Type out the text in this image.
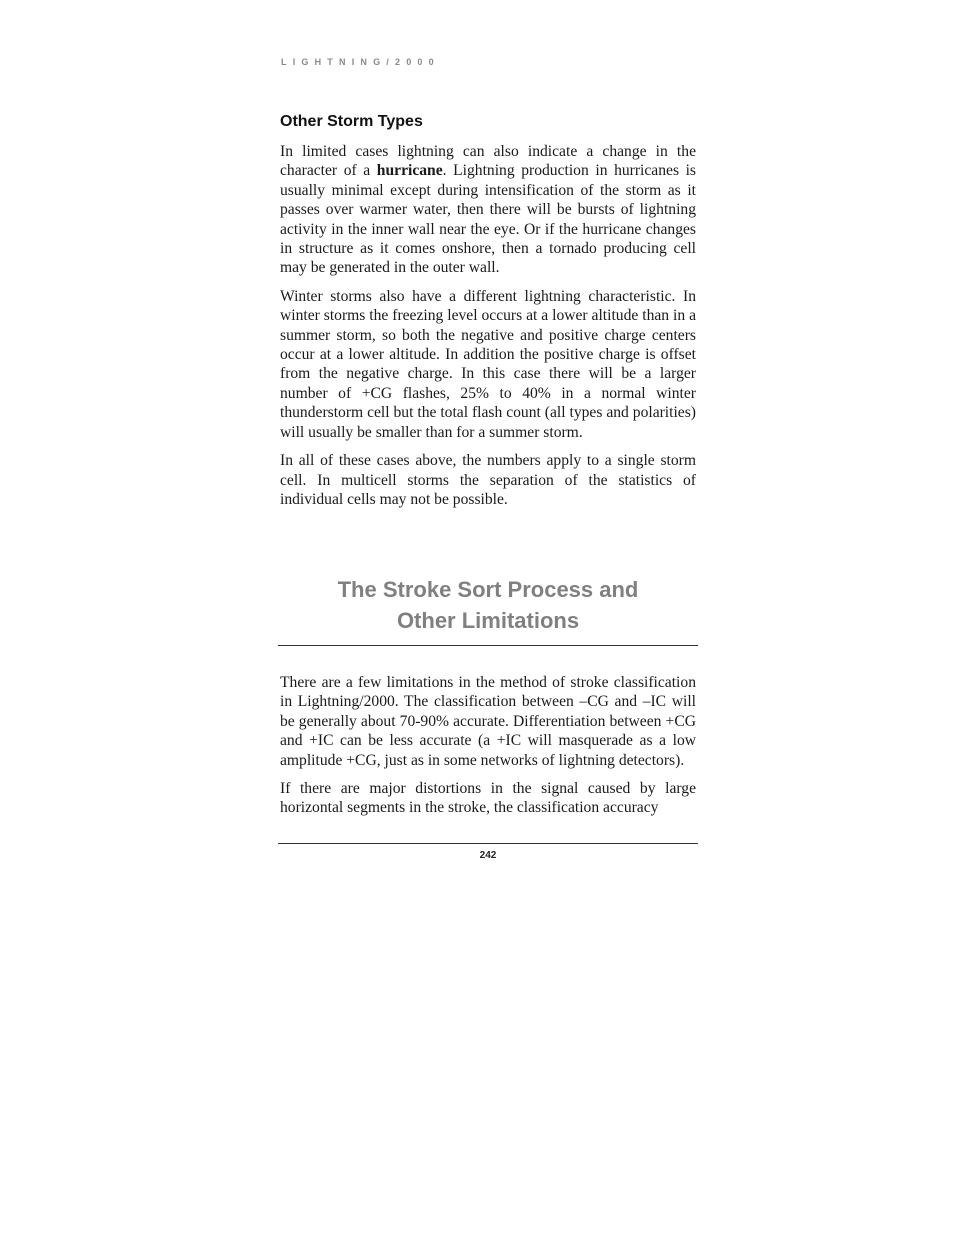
LIGHTNING/2000
Other Storm Types

In limited cases lightning can also indicate a change in the character of a hurricane. Lightning production in hurricanes is usually minimal except during intensification of the storm as it passes over warmer water, then there will be bursts of lightning activity in the inner wall near the eye. Or if the hurricane changes in structure as it comes onshore, then a tornado producing cell may be generated in the outer wall.

Winter storms also have a different lightning characteristic. In winter storms the freezing level occurs at a lower altitude than in a summer storm, so both the negative and positive charge centers occur at a lower altitude. In addition the positive charge is offset from the negative charge. In this case there will be a larger number of +CG flashes, 25% to 40% in a normal winter thunderstorm cell but the total flash count (all types and polarities) will usually be smaller than for a summer storm.

In all of these cases above, the numbers apply to a single storm cell. In multicell storms the separation of the statistics of individual cells may not be possible.

The Stroke Sort Process and
Other Limitations

There are a few limitations in the method of stroke classification in Lightning/2000. The classification between –CG and –IC will be generally about 70-90% accurate. Differentiation between +CG and +IC can be less accurate (a +IC will masquerade as a low amplitude +CG, just as in some networks of lightning detectors).

If there are major distortions in the signal caused by large horizontal segments in the stroke, the classification accuracy

242
